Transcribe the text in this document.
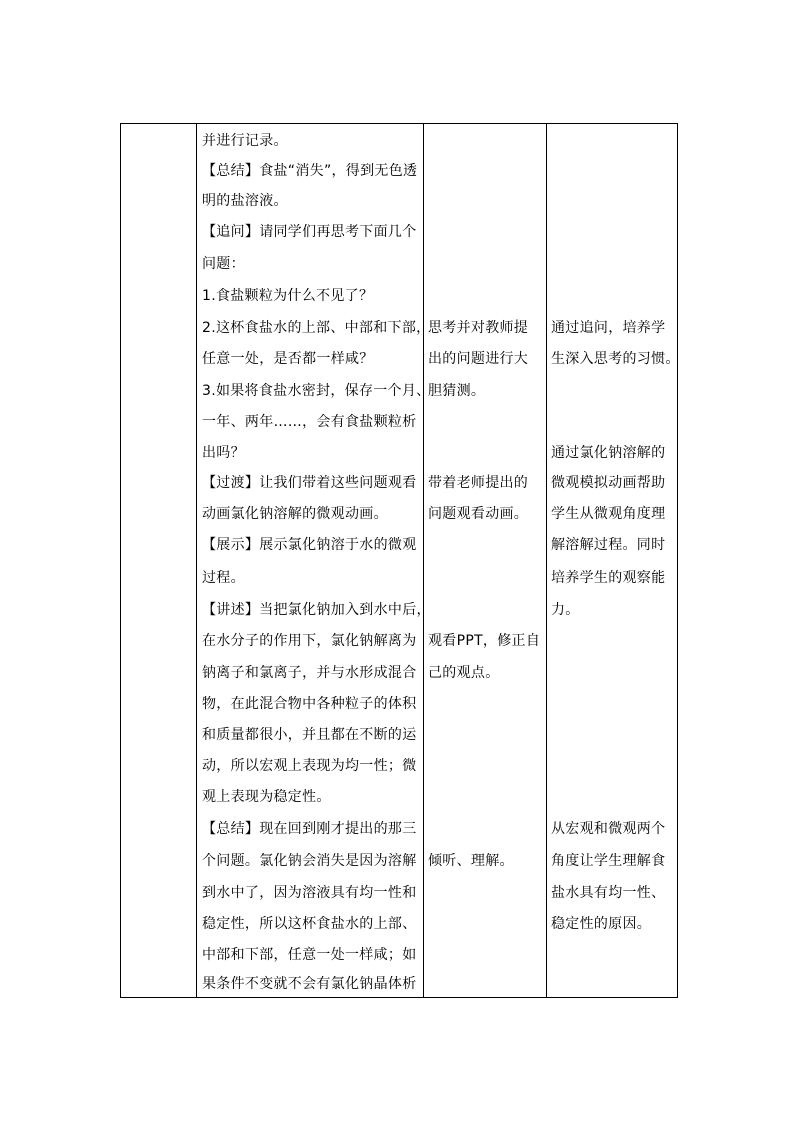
并进行记录。
【总结】食盐“消失”，得到无色透
明的盐溶液。
【追问】请同学们再思考下面几个
问题：
1.食盐颗粒为什么不见了？
2.这杯食盐水的上部、中部和下部，
任意一处，是否都一样咸？
3.如果将食盐水密封，保存一个月、
一年、两年……，会有食盐颗粒析
出吗？
【过渡】让我们带着这些问题观看
动画氯化钠溶解的微观动画。
【展示】展示氯化钠溶于水的微观
过程。
【讲述】当把氯化钠加入到水中后，
在水分子的作用下，氯化钠解离为
钠离子和氯离子，并与水形成混合
物，在此混合物中各种粒子的体积
和质量都很小，并且都在不断的运
动，所以宏观上表现为均一性；微
观上表现为稳定性。
【总结】现在回到刚才提出的那三
个问题。氯化钠会消失是因为溶解
到水中了，因为溶液具有均一性和
稳定性，所以这杯食盐水的上部、
中部和下部，任意一处一样咸；如
果条件不变就不会有氯化钠晶体析
思考并对教师提
出的问题进行大
胆猜测。
带着老师提出的
问题观看动画。
观看PPT，修正自
己的观点。
倾听、理解。
通过追问，培养学
生深入思考的习惯。
通过氯化钠溶解的
微观模拟动画帮助
学生从微观角度理
解溶解过程。同时
培养学生的观察能
力。
从宏观和微观两个
角度让学生理解食
盐水具有均一性、
稳定性的原因。
